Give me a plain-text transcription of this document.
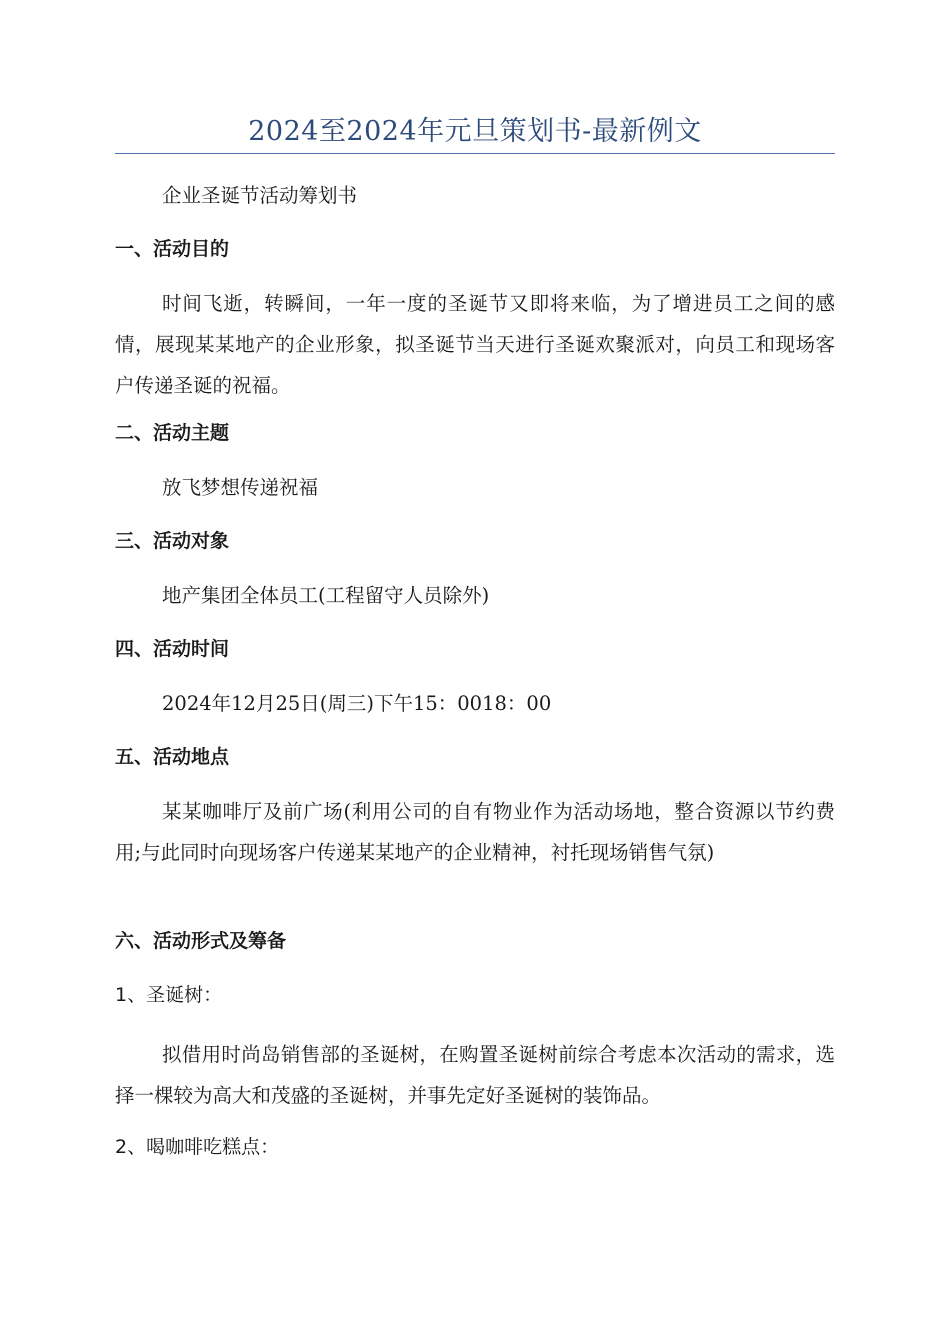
2024至2024年元旦策划书-最新例文

企业圣诞节活动筹划书

一、活动目的

时间飞逝，转瞬间，一年一度的圣诞节又即将来临，为了增进员工之间的感情，展现某某地产的企业形象，拟圣诞节当天进行圣诞欢聚派对，向员工和现场客户传递圣诞的祝福。

二、活动主题

放飞梦想传递祝福

三、活动对象

地产集团全体员工(工程留守人员除外)

四、活动时间

2024年12月25日(周三)下午15：0018：00

五、活动地点

某某咖啡厅及前广场(利用公司的自有物业作为活动场地，整合资源以节约费用;与此同时向现场客户传递某某地产的企业精神，衬托现场销售气氛)

六、活动形式及筹备

1、圣诞树：

拟借用时尚岛销售部的圣诞树，在购置圣诞树前综合考虑本次活动的需求，选择一棵较为高大和茂盛的圣诞树，并事先定好圣诞树的装饰品。

2、喝咖啡吃糕点：
